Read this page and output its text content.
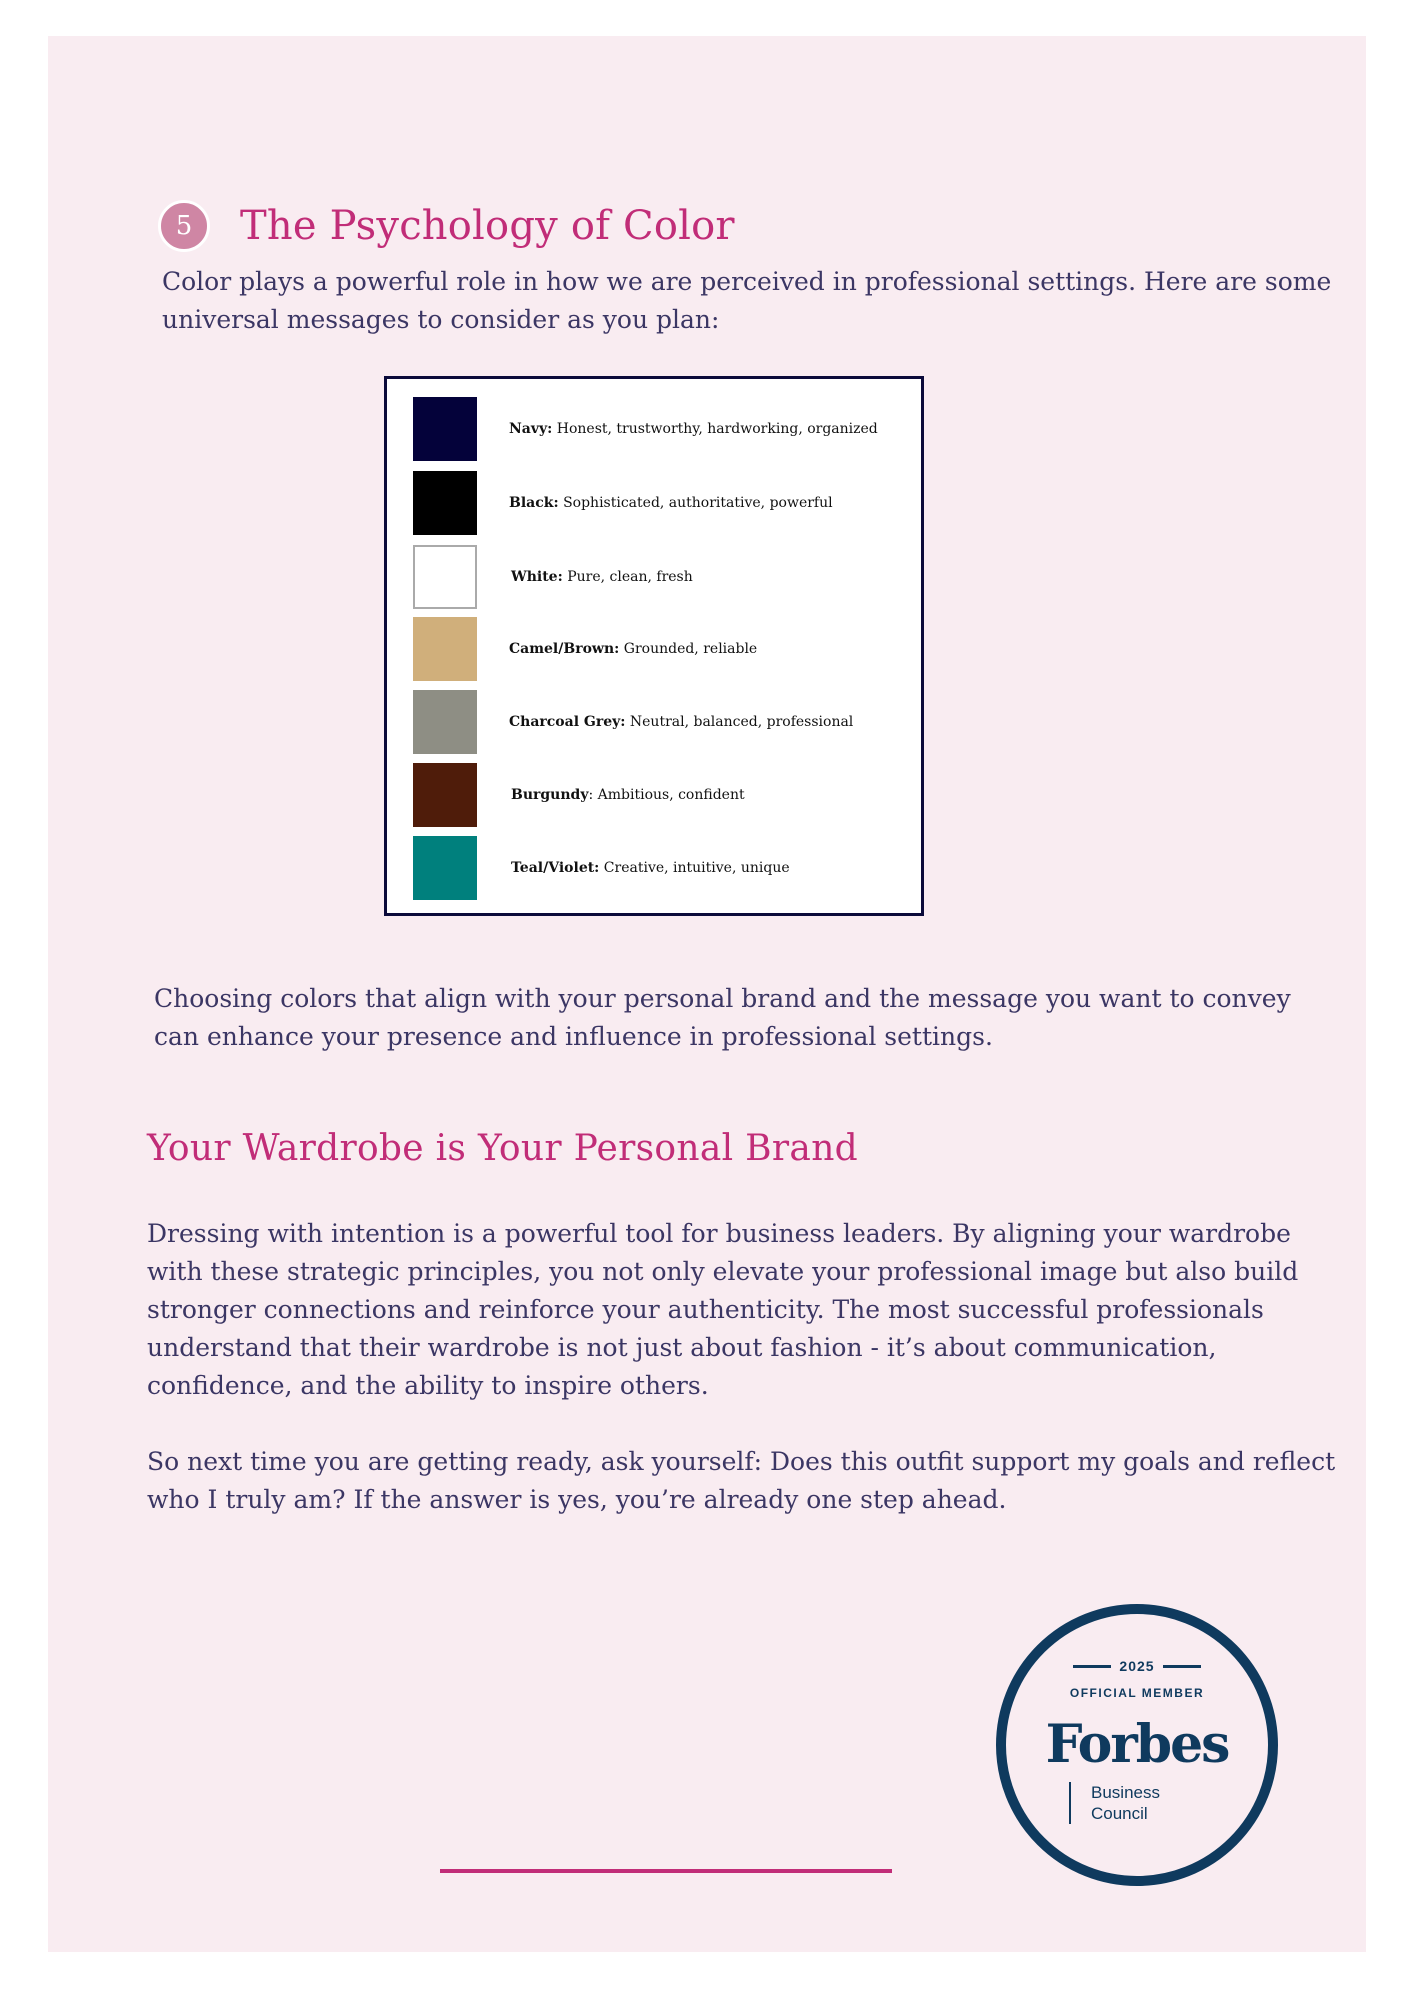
5	The Psychology of Color

Color plays a powerful role in how we are perceived in professional settings. Here are some universal messages to consider as you plan:

Navy: Honest, trustworthy, hardworking, organized
Black: Sophisticated, authoritative, powerful
White: Pure, clean, fresh
Camel/Brown: Grounded, reliable
Charcoal Grey: Neutral, balanced, professional
Burgundy: Ambitious, confident
Teal/Violet: Creative, intuitive, unique

Choosing colors that align with your personal brand and the message you want to convey can enhance your presence and influence in professional settings.

Your Wardrobe is Your Personal Brand

Dressing with intention is a powerful tool for business leaders. By aligning your wardrobe with these strategic principles, you not only elevate your professional image but also build stronger connections and reinforce your authenticity. The most successful professionals understand that their wardrobe is not just about fashion - it’s about communication, confidence, and the ability to inspire others.

So next time you are getting ready, ask yourself: Does this outfit support my goals and reflect who I truly am? If the answer is yes, you’re already one step ahead.

2025
OFFICIAL MEMBER
Forbes
Business
Council
